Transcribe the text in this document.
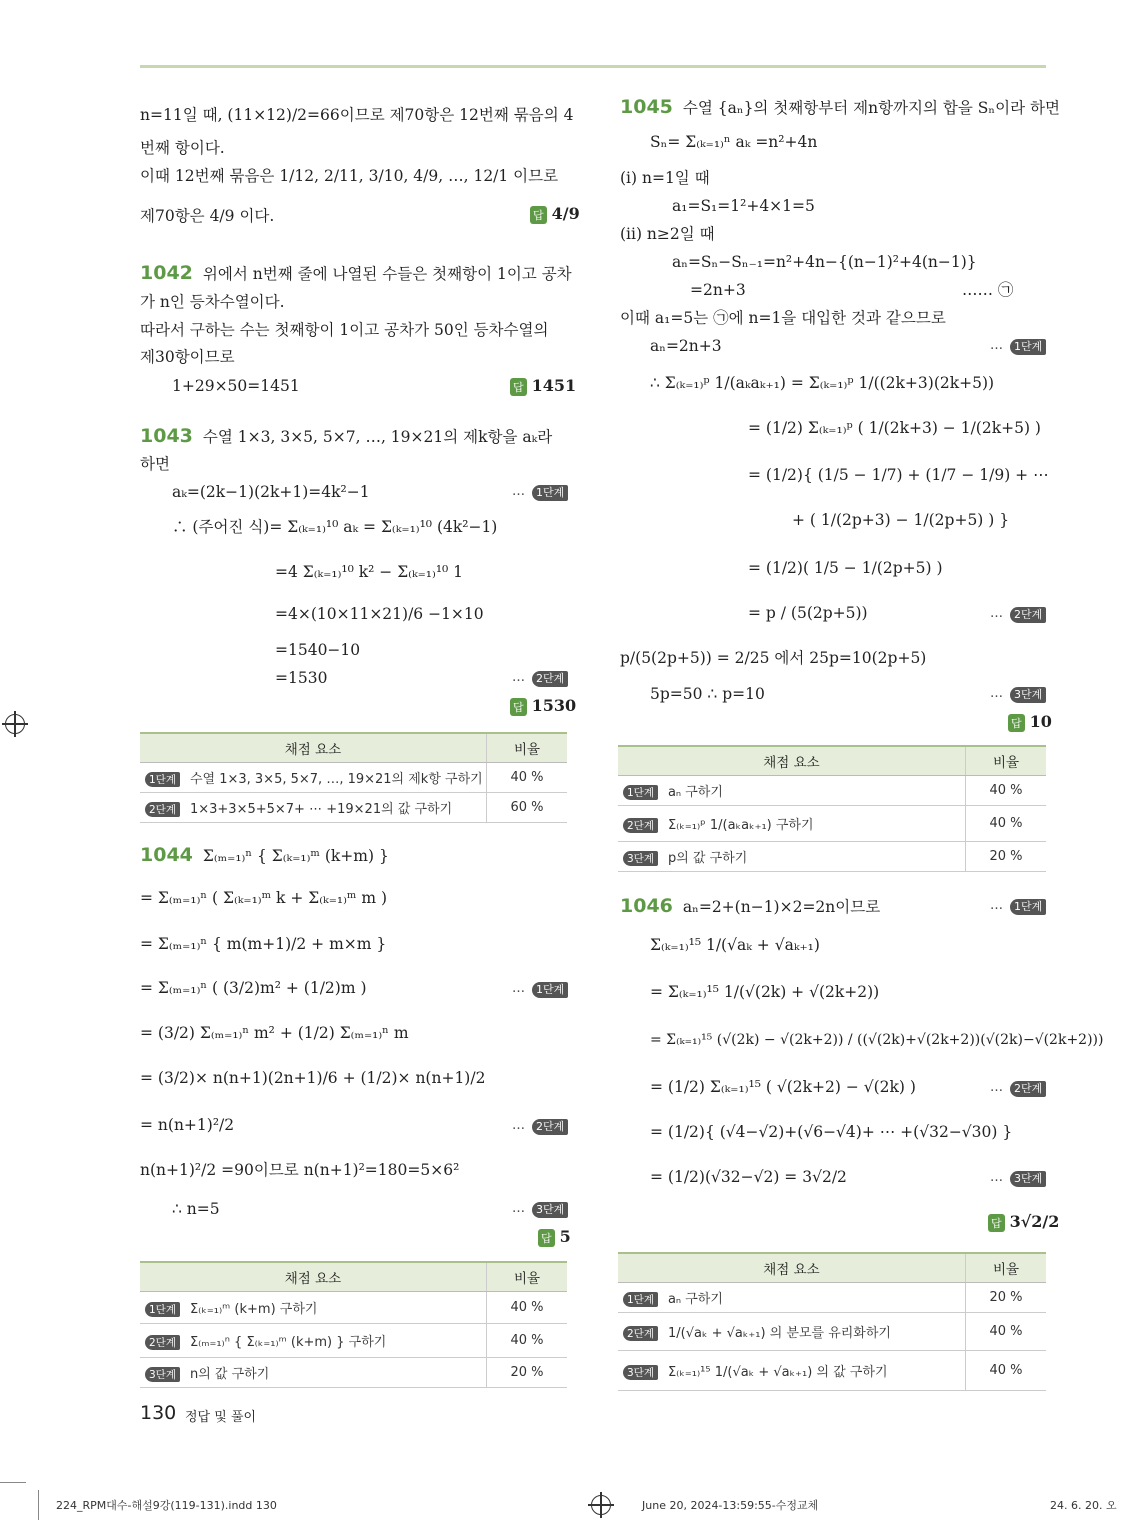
n=11일 때, (11×12)/2=66이므로 제70항은 12번째 묶음의 4
번째 항이다.
이때 12번째 묶음은 1/12, 2/11, 3/10, 4/9, …, 12/1 이므로
제70항은 4/9 이다.	답 4/9
1042 위에서 n번째 줄에 나열된 수들은 첫째항이 1이고 공차
가 n인 등차수열이다.
따라서 구하는 수는 첫째항이 1이고 공차가 50인 등차수열의
제30항이므로
1+29×50=1451	답 1451
1043 수열 1×3, 3×5, 5×7, …, 19×21의 제k항을 aₖ라
하면
aₖ=(2k−1)(2k+1)=4k²−1	…	1단계
∴ (주어진 식)= Σ₍ₖ₌₁₎¹⁰ aₖ = Σ₍ₖ₌₁₎¹⁰ (4k²−1)
=4 Σ₍ₖ₌₁₎¹⁰ k² − Σ₍ₖ₌₁₎¹⁰ 1
=4×(10×11×21)/6 −1×10
=1540−10
=1530	…	2단계
답 1530
채점 요소	비율
1단계 수열 1×3, 3×5, 5×7, …, 19×21의 제k항 구하기	40 %
2단계 1×3+3×5+5×7+ ⋯ +19×21의 값 구하기	60 %
1044 Σ₍ₘ₌₁₎ⁿ { Σ₍ₖ₌₁₎ᵐ (k+m) }
= Σ₍ₘ₌₁₎ⁿ ( Σ₍ₖ₌₁₎ᵐ k + Σ₍ₖ₌₁₎ᵐ m )
= Σ₍ₘ₌₁₎ⁿ { m(m+1)/2 + m×m }
= Σ₍ₘ₌₁₎ⁿ ( (3/2)m² + (1/2)m )	…	1단계
= (3/2) Σ₍ₘ₌₁₎ⁿ m² + (1/2) Σ₍ₘ₌₁₎ⁿ m
= (3/2)× n(n+1)(2n+1)/6 + (1/2)× n(n+1)/2
= n(n+1)²/2	…	2단계
n(n+1)²/2 =90이므로 n(n+1)²=180=5×6²
∴ n=5	…	3단계
답 5
채점 요소	비율
1단계 Σ₍ₖ₌₁₎ᵐ (k+m) 구하기	40 %
2단계 Σ₍ₘ₌₁₎ⁿ { Σ₍ₖ₌₁₎ᵐ (k+m) } 구하기	40 %
3단계 n의 값 구하기	20 %
1045 수열 {aₙ}의 첫째항부터 제n항까지의 합을 Sₙ이라 하면
Sₙ= Σ₍ₖ₌₁₎ⁿ aₖ =n²+4n
(i) n=1일 때
a₁=S₁=1²+4×1=5
(ii) n≥2일 때
aₙ=Sₙ−Sₙ₋₁=n²+4n−{(n−1)²+4(n−1)}
=2n+3	…… ㉠
이때 a₁=5는 ㉠에 n=1을 대입한 것과 같으므로
aₙ=2n+3	…	1단계
∴ Σ₍ₖ₌₁₎ᵖ 1/(aₖaₖ₊₁) = Σ₍ₖ₌₁₎ᵖ 1/((2k+3)(2k+5))
= (1/2) Σ₍ₖ₌₁₎ᵖ ( 1/(2k+3) − 1/(2k+5) )
= (1/2){ (1/5 − 1/7) + (1/7 − 1/9) + ⋯
+ ( 1/(2p+3) − 1/(2p+5) ) }
= (1/2)( 1/5 − 1/(2p+5) )
= p / (5(2p+5))	…	2단계
p/(5(2p+5)) = 2/25 에서 25p=10(2p+5)
5p=50 ∴ p=10	…	3단계
답 10
채점 요소	비율
1단계 aₙ 구하기	40 %
2단계 Σ₍ₖ₌₁₎ᵖ 1/(aₖaₖ₊₁) 구하기	40 %
3단계 p의 값 구하기	20 %
1046 aₙ=2+(n−1)×2=2n이므로	…	1단계
Σ₍ₖ₌₁₎¹⁵ 1/(√aₖ + √aₖ₊₁)
= Σ₍ₖ₌₁₎¹⁵ 1/(√(2k) + √(2k+2))
= Σ₍ₖ₌₁₎¹⁵ (√(2k) − √(2k+2)) / ((√(2k)+√(2k+2))(√(2k)−√(2k+2)))
= (1/2) Σ₍ₖ₌₁₎¹⁵ ( √(2k+2) − √(2k) )	…	2단계
= (1/2){ (√4−√2)+(√6−√4)+ ⋯ +(√32−√30) }
= (1/2)(√32−√2) = 3√2/2	…	3단계
답 3√2/2
채점 요소	비율
1단계 aₙ 구하기	20 %
2단계 1/(√aₖ + √aₖ₊₁) 의 분모를 유리화하기	40 %
3단계 Σ₍ₖ₌₁₎¹⁵ 1/(√aₖ + √aₖ₊₁) 의 값 구하기	40 %
130 정답 및 풀이
224_RPM대수-해설9강(119-131).indd 130	June 20, 2024-13:59:55-수정교체	24. 6. 20. 오
